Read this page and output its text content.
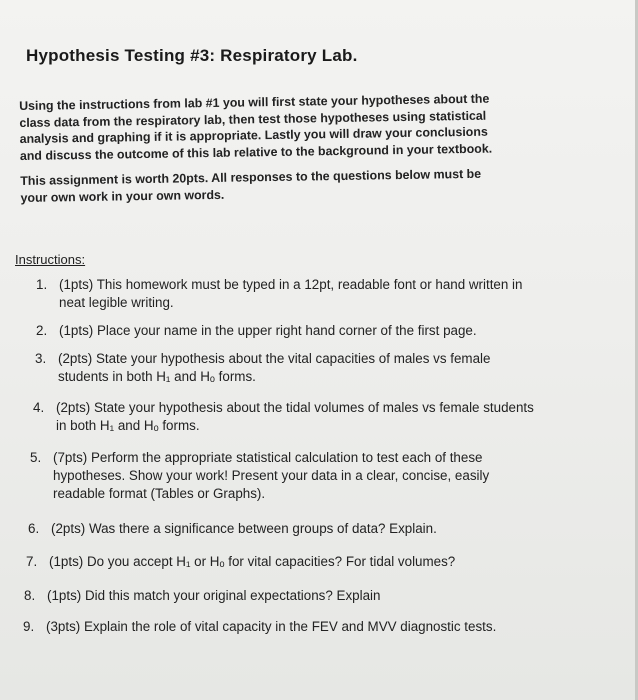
Hypothesis Testing #3: Respiratory Lab.

Using the instructions from lab #1 you will first state your hypotheses about the
class data from the respiratory lab, then test those hypotheses using statistical
analysis and graphing if it is appropriate. Lastly you will draw your conclusions
and discuss the outcome of this lab relative to the background in your textbook.

This assignment is worth 20pts. All responses to the questions below must be
your own work in your own words.

Instructions:
1. (1pts) This homework must be typed in a 12pt, readable font or hand written in
neat legible writing.
2. (1pts) Place your name in the upper right hand corner of the first page.
3. (2pts) State your hypothesis about the vital capacities of males vs female
students in both H₁ and Hₒ forms.
4. (2pts) State your hypothesis about the tidal volumes of males vs female students
in both H₁ and Hₒ forms.
5. (7pts) Perform the appropriate statistical calculation to test each of these
hypotheses. Show your work! Present your data in a clear, concise, easily
readable format (Tables or Graphs).
6. (2pts) Was there a significance between groups of data? Explain.
7. (1pts) Do you accept H₁ or Hₒ for vital capacities? For tidal volumes?
8. (1pts) Did this match your original expectations? Explain
9. (3pts) Explain the role of vital capacity in the FEV and MVV diagnostic tests.
